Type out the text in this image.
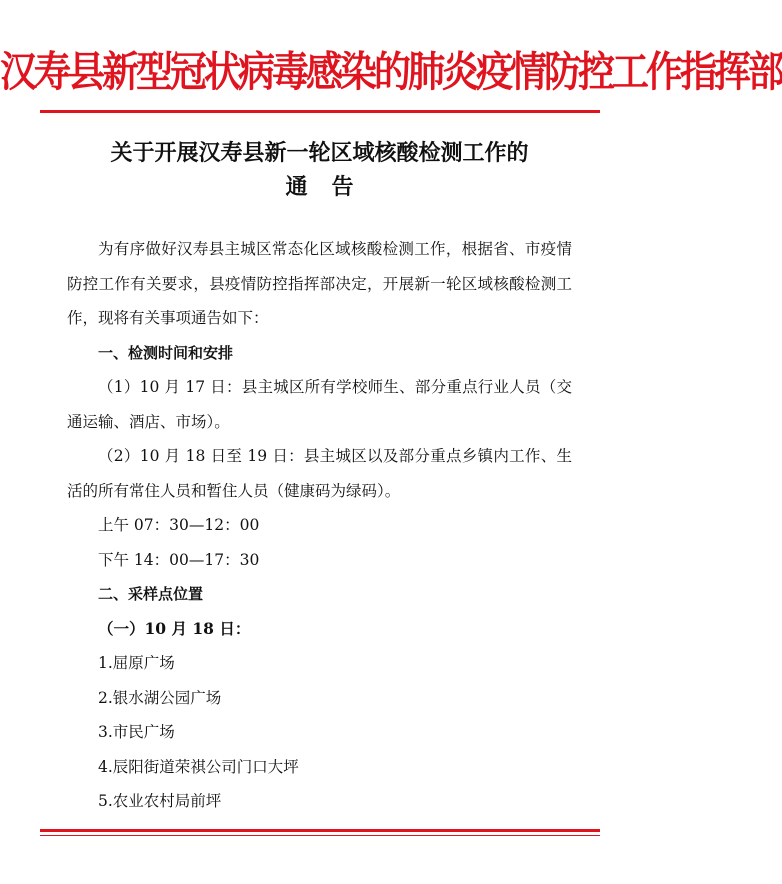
汉寿县新型冠状病毒感染的肺炎疫情防控工作指挥部
关于开展汉寿县新一轮区域核酸检测工作的
通告

为有序做好汉寿县主城区常态化区域核酸检测工作，根据省、市疫情防控工作有关要求，县疫情防控指挥部决定，开展新一轮区域核酸检测工作，现将有关事项通告如下：

一、检测时间和安排

（1）10 月 17 日：县主城区所有学校师生、部分重点行业人员（交通运输、酒店、市场）。

（2）10 月 18 日至 19 日：县主城区以及部分重点乡镇内工作、生活的所有常住人员和暂住人员（健康码为绿码）。

上午 07：30—12：00

下午 14：00—17：30

二、采样点位置

（一）10 月 18 日：

1.屈原广场

2.银水湖公园广场

3.市民广场

4.辰阳街道荣祺公司门口大坪

5.农业农村局前坪
